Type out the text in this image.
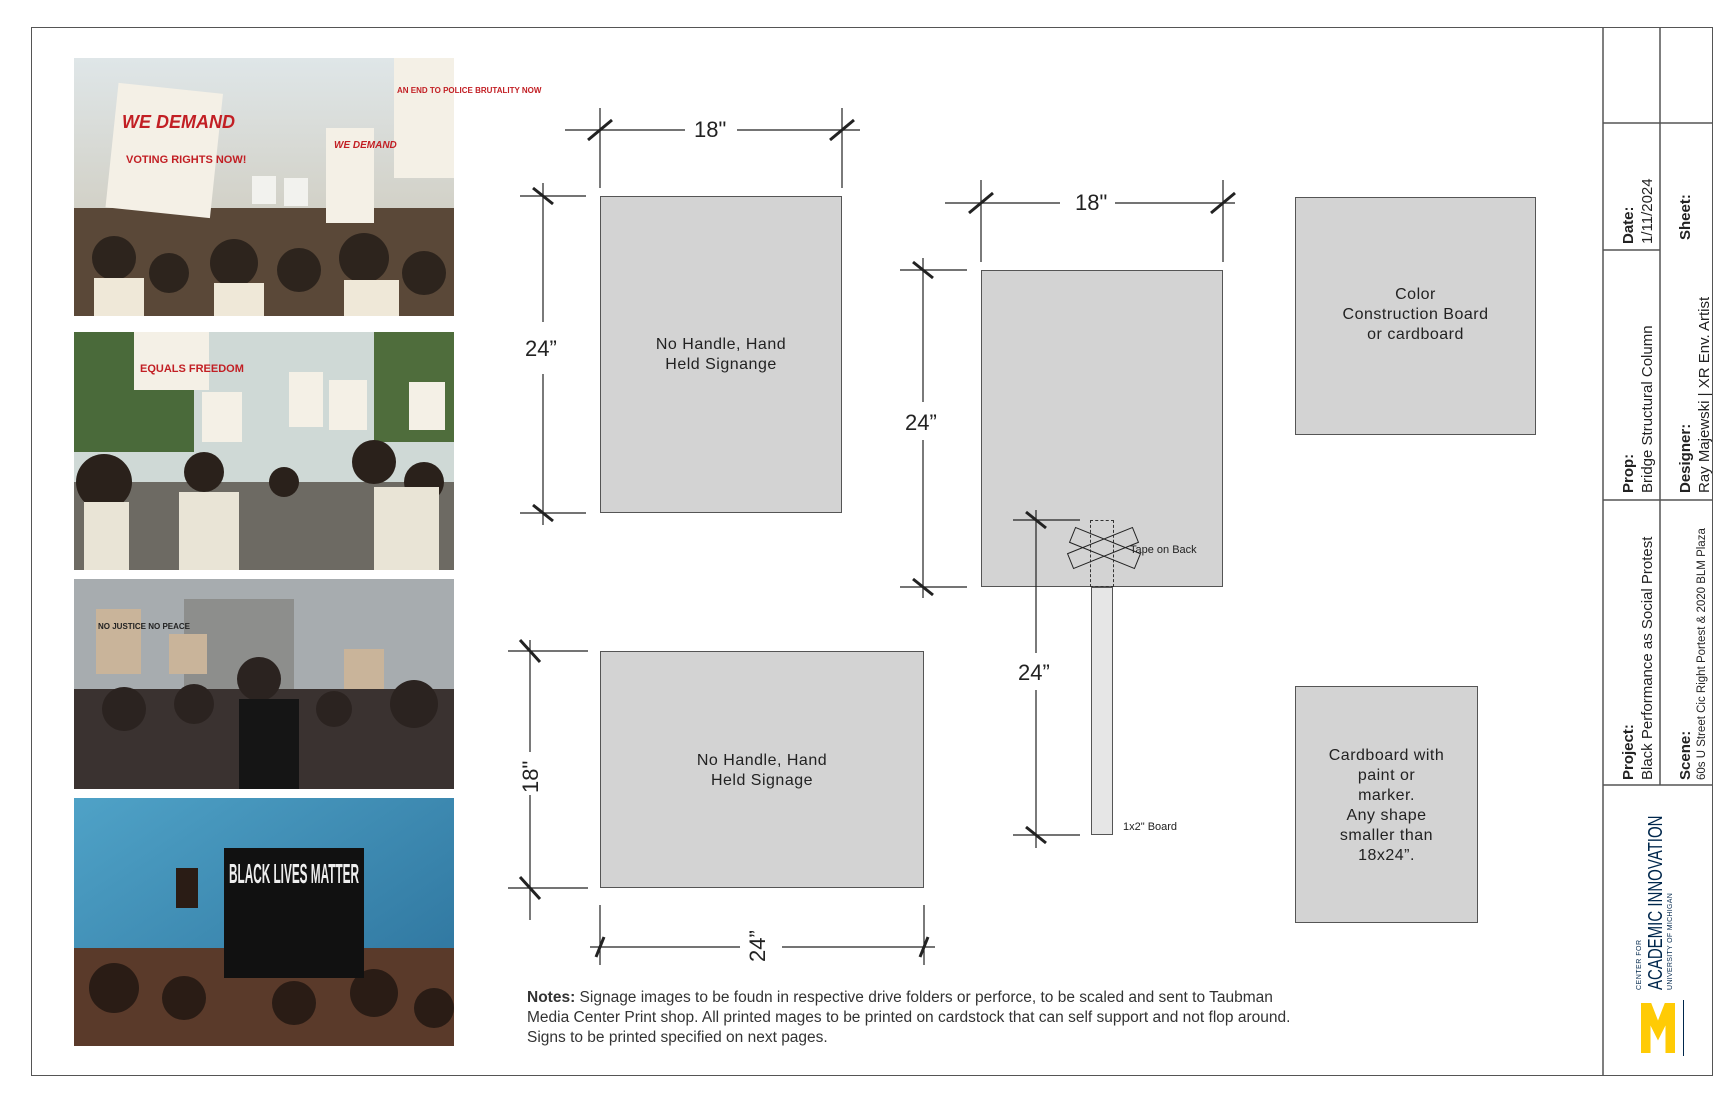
WE DEMAND
WE DEMAND
VOTING RIGHTS NOW!
AN END TO POLICE BRUTALITY NOW
EQUALS FREEDOM
NO JUSTICE NO PEACE
BLACK LIVES MATTER
No Handle, Hand
Held Signange
Color
Construction Board
or cardboard
No Handle, Hand
Held Signage
Cardboard with
paint or
marker.
Any shape
smaller than
18x24”.
18"
24”
18"
24”
24”
18"
24”
Tape on Back
1x2" Board
Notes: Signage images to be foudn in respective drive folders or perforce, to be scaled and sent to Taubman
Media Center Print shop. All printed mages to be printed on cardstock that can self support and not flop around.
Signs to be printed specified on next pages.
Date: 1/11/2024 Sheet:
Prop: Bridge Structural Column Designer: Ray Majewski | XR Env. Artist
Project: Black Performance as Social Protest Scene: 60s U Street Cic Right Portest & 2020 BLM Plaza
CENTER FOR ACADEMIC INNOVATION UNIVERSITY OF MICHIGAN
